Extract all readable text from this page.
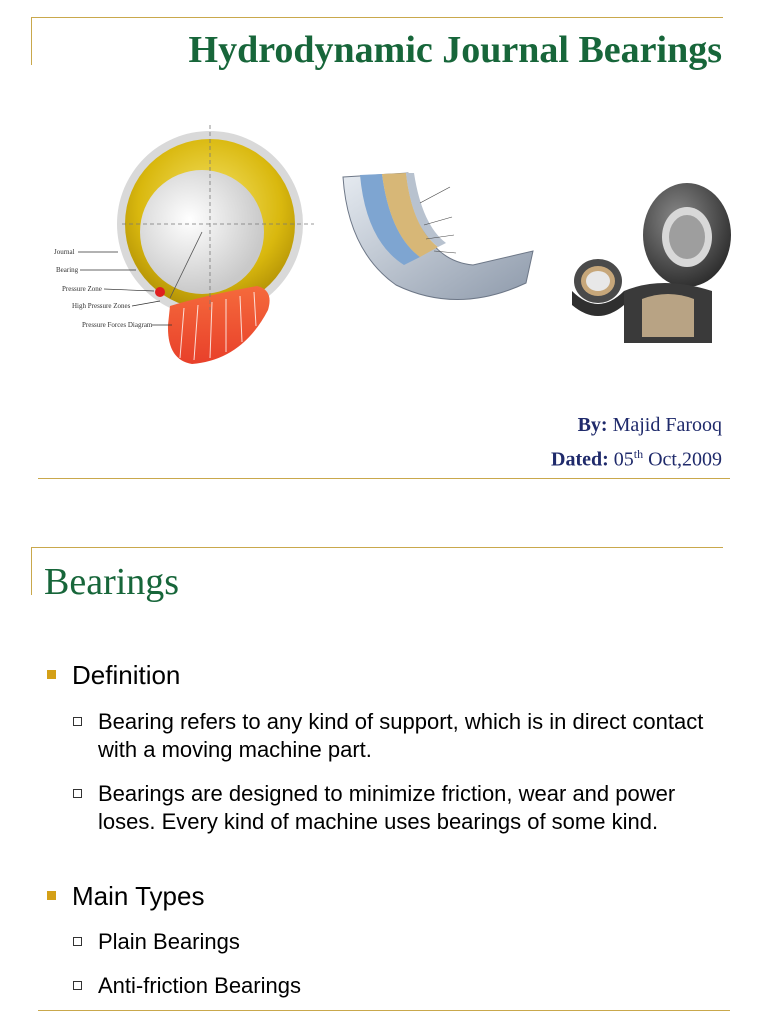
Hydrodynamic Journal Bearings
Journal
Bearing
Pressure Zone
High Pressure Zones
Pressure Forces Diagram
By: Majid Farooq
Dated: 05th Oct,2009
Bearings
Definition
Bearing refers to any kind of support, which is in direct contact with a moving machine part.
Bearings are designed to minimize friction, wear and power loses. Every kind of machine uses bearings of some kind.
Main Types
Plain Bearings
Anti-friction Bearings
